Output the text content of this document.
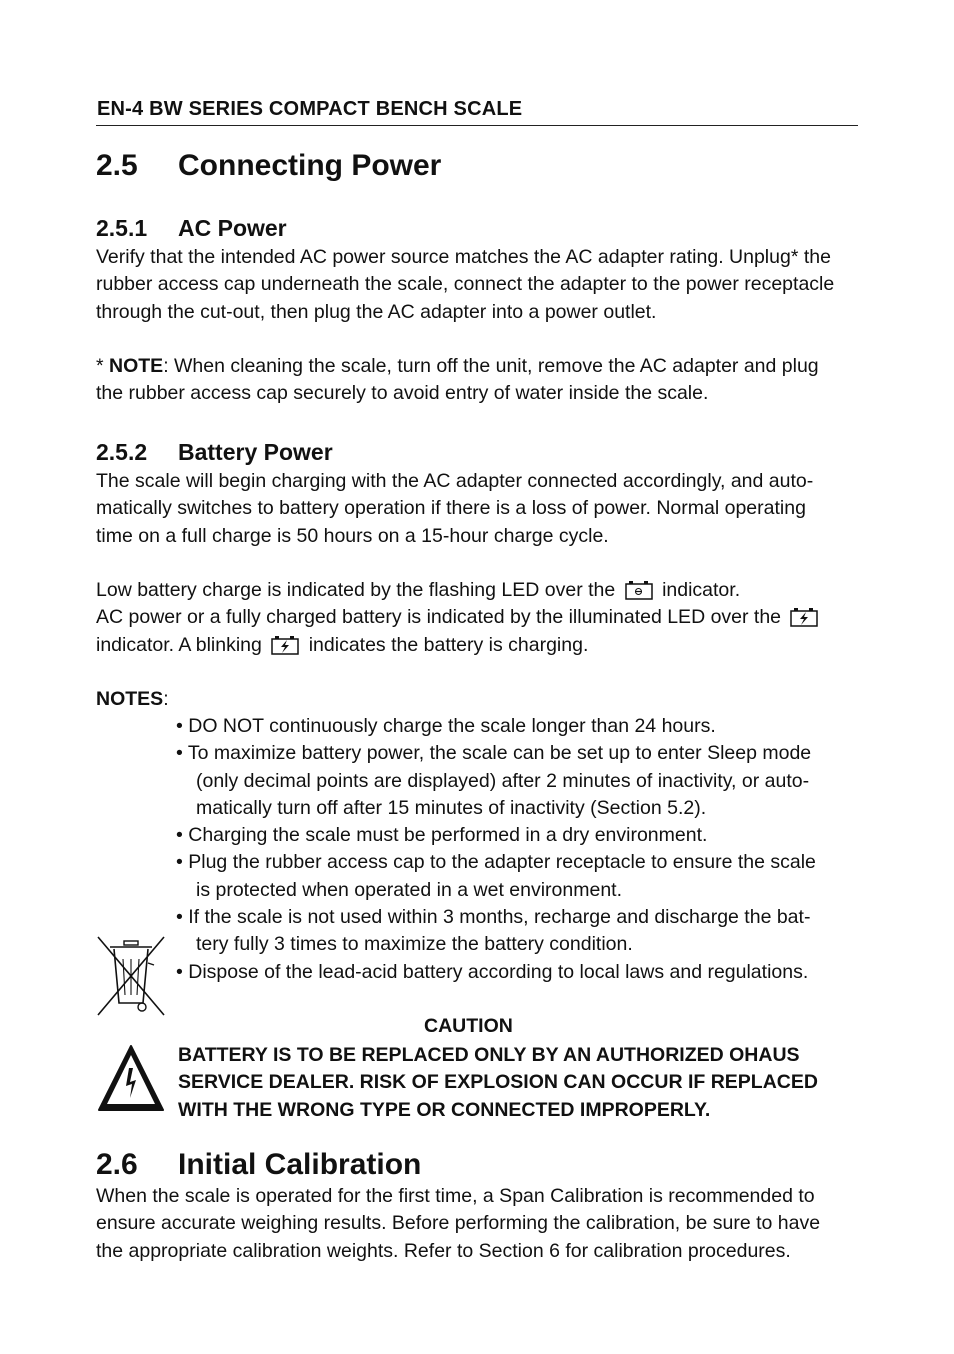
EN-4 BW SERIES COMPACT BENCH SCALE
2.5 Connecting Power
2.5.1 AC Power
Verify that the intended AC power source matches the AC adapter rating. Unplug* the
rubber access cap underneath the scale, connect the adapter to the power receptacle
through the cut-out, then plug the AC adapter into a power outlet.
* NOTE: When cleaning the scale, turn off the unit, remove the AC adapter and plug
the rubber access cap securely to avoid entry of water inside the scale.
2.5.2 Battery Power
The scale will begin charging with the AC adapter connected accordingly, and auto-
matically switches to battery operation if there is a loss of power. Normal operating
time on a full charge is 50 hours on a 15-hour charge cycle.
Low battery charge is indicated by the flashing LED over the indicator.
AC power or a fully charged battery is indicated by the illuminated LED over the
indicator. A blinking indicates the battery is charging.
NOTES:
• DO NOT continuously charge the scale longer than 24 hours.
• To maximize battery power, the scale can be set up to enter Sleep mode
(only decimal points are displayed) after 2 minutes of inactivity, or auto-
matically turn off after 15 minutes of inactivity (Section 5.2).
• Charging the scale must be performed in a dry environment.
• Plug the rubber access cap to the adapter receptacle to ensure the scale
is protected when operated in a wet environment.
• If the scale is not used within 3 months, recharge and discharge the bat-
tery fully 3 times to maximize the battery condition.
• Dispose of the lead-acid battery according to local laws and regulations.
CAUTION
BATTERY IS TO BE REPLACED ONLY BY AN AUTHORIZED OHAUS
SERVICE DEALER. RISK OF EXPLOSION CAN OCCUR IF REPLACED
WITH THE WRONG TYPE OR CONNECTED IMPROPERLY.
2.6 Initial Calibration
When the scale is operated for the first time, a Span Calibration is recommended to
ensure accurate weighing results. Before performing the calibration, be sure to have
the appropriate calibration weights. Refer to Section 6 for calibration procedures.
